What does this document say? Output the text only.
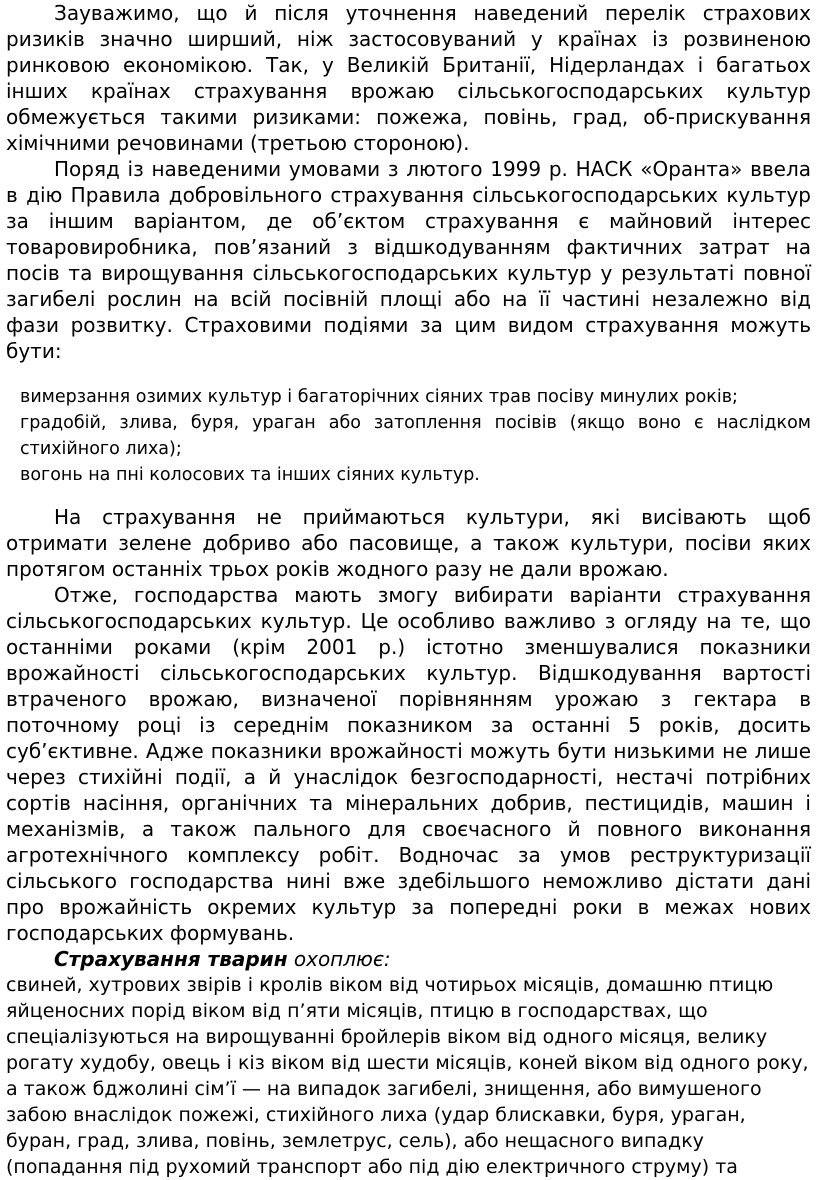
Зауважимо, що й після уточнення наведений перелік страхових ризиків значно ширший, ніж застосовуваний у країнах із розвиненою ринковою економікою. Так, у Великій Британії, Нідерландах і багатьох інших країнах страхування врожаю сільськогосподарських культур обмежується такими ризиками: пожежа, повінь, град, об-прискування хімічними речовинами (третьою стороною).

Поряд із наведеними умовами з лютого 1999 р. НАСК «Оранта» ввела в дію Правила добровільного страхування сільськогосподарських культур за іншим варіантом, де об’єктом страхування є майновий інтерес товаровиробника, пов’язаний з відшкодуванням фактичних затрат на посів та вирощування сільськогосподарських культур у результаті повної загибелі рослин на всій посівній площі або на її частині незалежно від фази розвитку. Страховими подіями за цим видом страхування можуть бути:

вимерзання озимих культур і багаторічних сіяних трав посіву минулих років;
градобій, злива, буря, ураган або затоплення посівів (якщо воно є наслідком стихійного лиха);
вогонь на пні колосових та інших сіяних культур.

На страхування не приймаються культури, які висівають щоб отримати зелене добриво або пасовище, а також культури, посіви яких протягом останніх трьох років жодного разу не дали врожаю.

Отже, господарства мають змогу вибирати варіанти страхування сільськогосподарських культур. Це особливо важливо з огляду на те, що останніми роками (крім 2001 р.) істотно зменшувалися показники врожайності сільськогосподарських культур. Відшкодування вартості втраченого врожаю, визначеної порівнянням урожаю з гектара в поточному році із середнім показником за останні 5 років, досить суб’єктивне. Адже показники врожайності можуть бути низькими не лише через стихійні події, а й унаслідок безгосподарності, нестачі потрібних сортів насіння, органічних та мінеральних добрив, пестицидів, машин і механізмів, а також пального для своєчасного й повного виконання агротехнічного комплексу робіт. Водночас за умов реструктуризації сільського господарства нині вже здебільшого неможливо дістати дані про врожайність окремих культур за попередні роки в межах нових господарських формувань.

Страхування тварин охоплює:

свиней, хутрових звірів і кролів віком від чотирьох місяців, домашню птицю яйценосних порід віком від п’яти місяців, птицю в господарствах, що спеціалізуються на вирощуванні бройлерів віком від одного місяця, велику рогату худобу, овець і кіз віком від шести місяців, коней віком від одного року, а також бджолині сім’ї — на випадок загибелі, знищення, або вимушеного забою внаслідок пожежі, стихійного лиха (удар блискавки, буря, ураган, буран, град, злива, повінь, землетрус, сель), або нещасного випадку (попадання під рухомий транспорт або під дію електричного струму) та
